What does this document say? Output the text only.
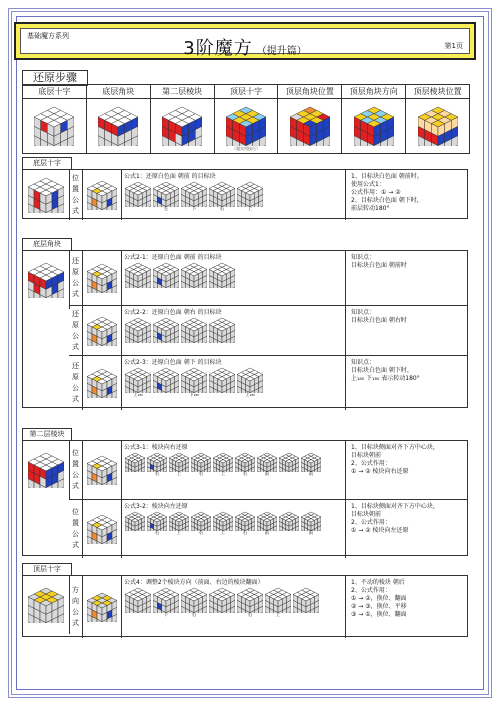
基础魔方系列
3阶魔方 （提升篇）	第1页
还原步骤
底层十字	底层角块	第二层棱块	顶层十字
（超实用技巧）
顶层角块位置	顶层角块方向	顶层棱块位置
底层十字
位
置
公
式
公式1：还原白色面 朝前 的目标块
左	下	右	上
1、目标块白色面 朝前时。
使用公式1：
公式作用：① → ②
2、目标块白色面 朝下时，
前层转动180°
底层角块
还
原
公
式
公式2-1：还原白色面 朝前 的目标块	知识点：
目标块白色面 朝前时
还
原
公
式
公式2-2：还原白色面 朝右 的目标块	知识点：
目标块白色面 朝右时
还
原
公
式
公式2-3：还原白色面 朝下 的目标块
上₁₈₀	下₁₈₀	上₁₈₀
知识点：
目标块白色面 朝下时，
上₁₈₀ 下₁₈₀ 表示转动180°
第二层棱块
位
置
公
式
公式3-1：棱块向右还原
右	上	右	上	右	前	前
1、目标块侧面对齐下方中心块，
目标块朝前
2、公式作用：
① → ② 棱块向右还原
位
置
公
式
公式3-2：棱块向左还原
右	上	右	上	右	前	前
1、目标块侧面对齐下方中心块，
目标块朝前
2、公式作用：
① → ② 棱块向左还原
顶层十字
方
向
公
式
公式4：调整2个棱块方向（前面、右边的棱块翻面）
下	右	右	上
1、不动的棱块 朝后
2、公式作用：
① → ②，换位、翻面
② → ③，换位、平移
③ → ①，换位、翻面
